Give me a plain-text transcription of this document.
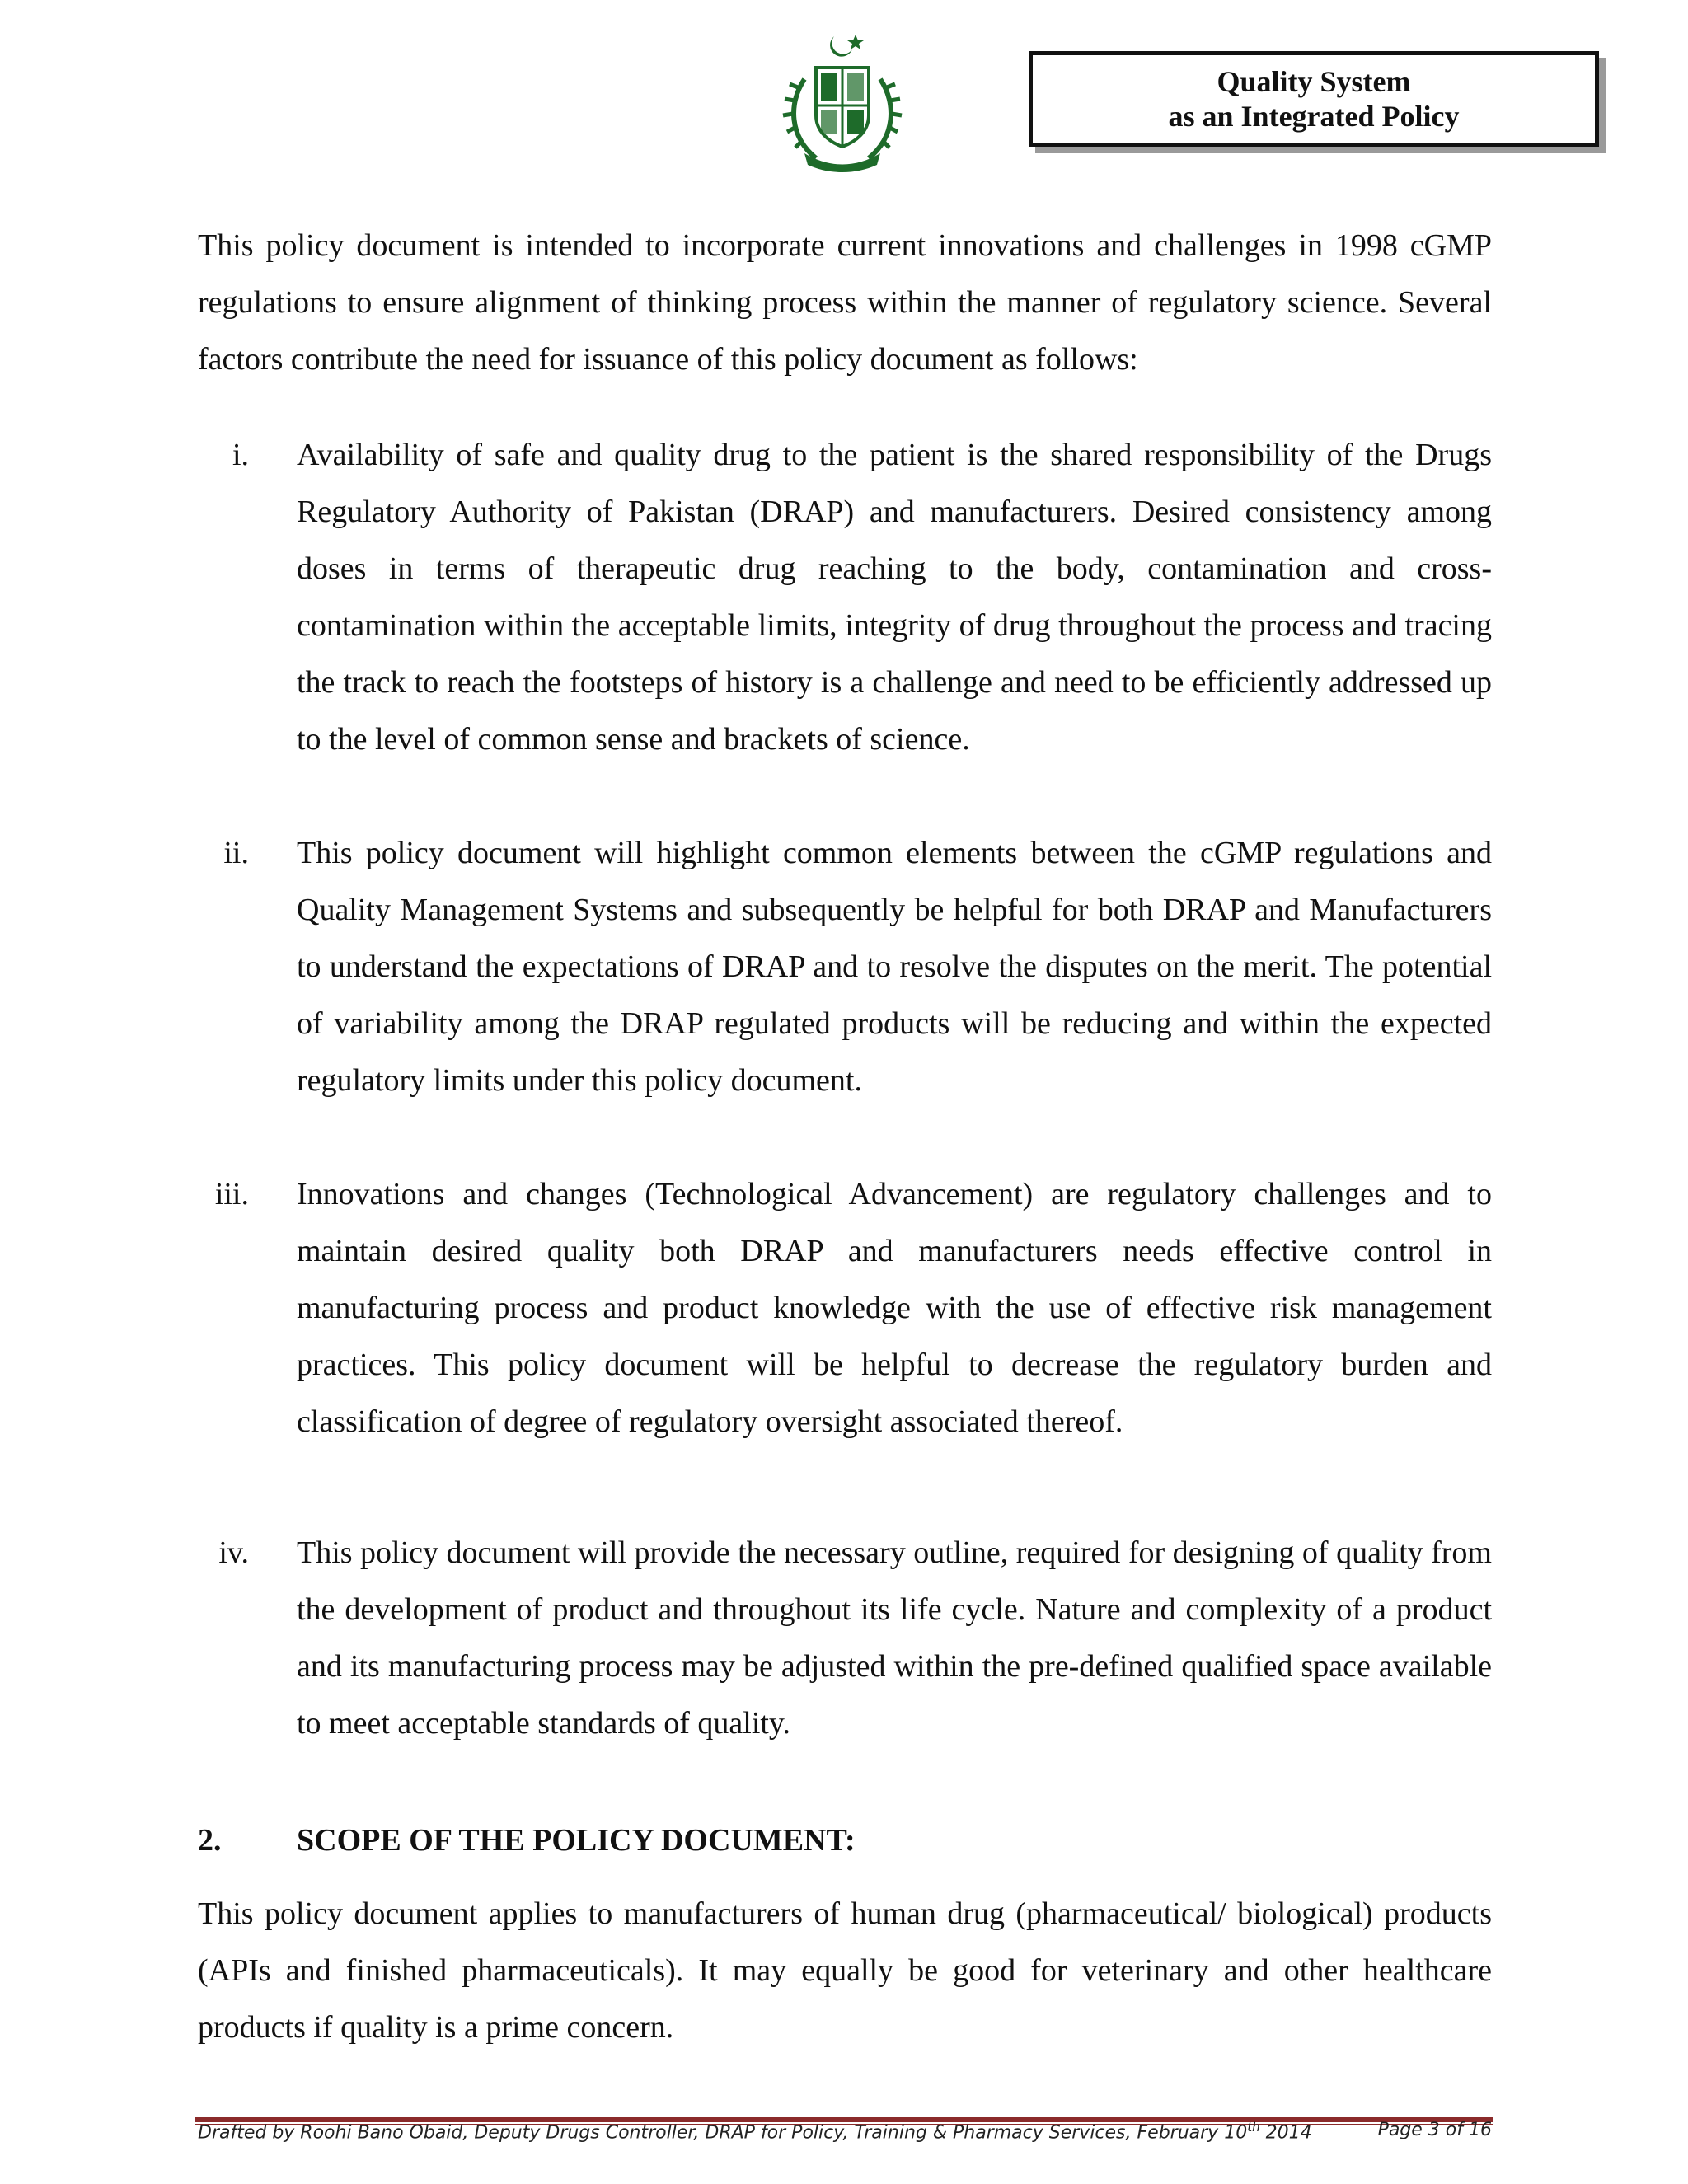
Quality System
as an Integrated Policy

This policy document is intended to incorporate current innovations and challenges in 1998 cGMP regulations to ensure alignment of thinking process within the manner of regulatory science. Several factors contribute the need for issuance of this policy document as follows:

i. Availability of safe and quality drug to the patient is the shared responsibility of the Drugs Regulatory Authority of Pakistan (DRAP) and manufacturers. Desired consistency among doses in terms of therapeutic drug reaching to the body, contamination and cross-contamination within the acceptable limits, integrity of drug throughout the process and tracing the track to reach the footsteps of history is a challenge and need to be efficiently addressed up to the level of common sense and brackets of science.

ii. This policy document will highlight common elements between the cGMP regulations and Quality Management Systems and subsequently be helpful for both DRAP and Manufacturers to understand the expectations of DRAP and to resolve the disputes on the merit. The potential of variability among the DRAP regulated products will be reducing and within the expected regulatory limits under this policy document.

iii. Innovations and changes (Technological Advancement) are regulatory challenges and to maintain desired quality both DRAP and manufacturers needs effective control in manufacturing process and product knowledge with the use of effective risk management practices. This policy document will be helpful to decrease the regulatory burden and classification of degree of regulatory oversight associated thereof.

iv. This policy document will provide the necessary outline, required for designing of quality from the development of product and throughout its life cycle. Nature and complexity of a product and its manufacturing process may be adjusted within the pre-defined qualified space available to meet acceptable standards of quality.

2. SCOPE OF THE POLICY DOCUMENT:

This policy document applies to manufacturers of human drug (pharmaceutical/ biological) products (APIs and finished pharmaceuticals). It may equally be good for veterinary and other healthcare products if quality is a prime concern.

Drafted by Roohi Bano Obaid, Deputy Drugs Controller, DRAP for Policy, Training & Pharmacy Services, February 10th 2014	Page 3 of 16
